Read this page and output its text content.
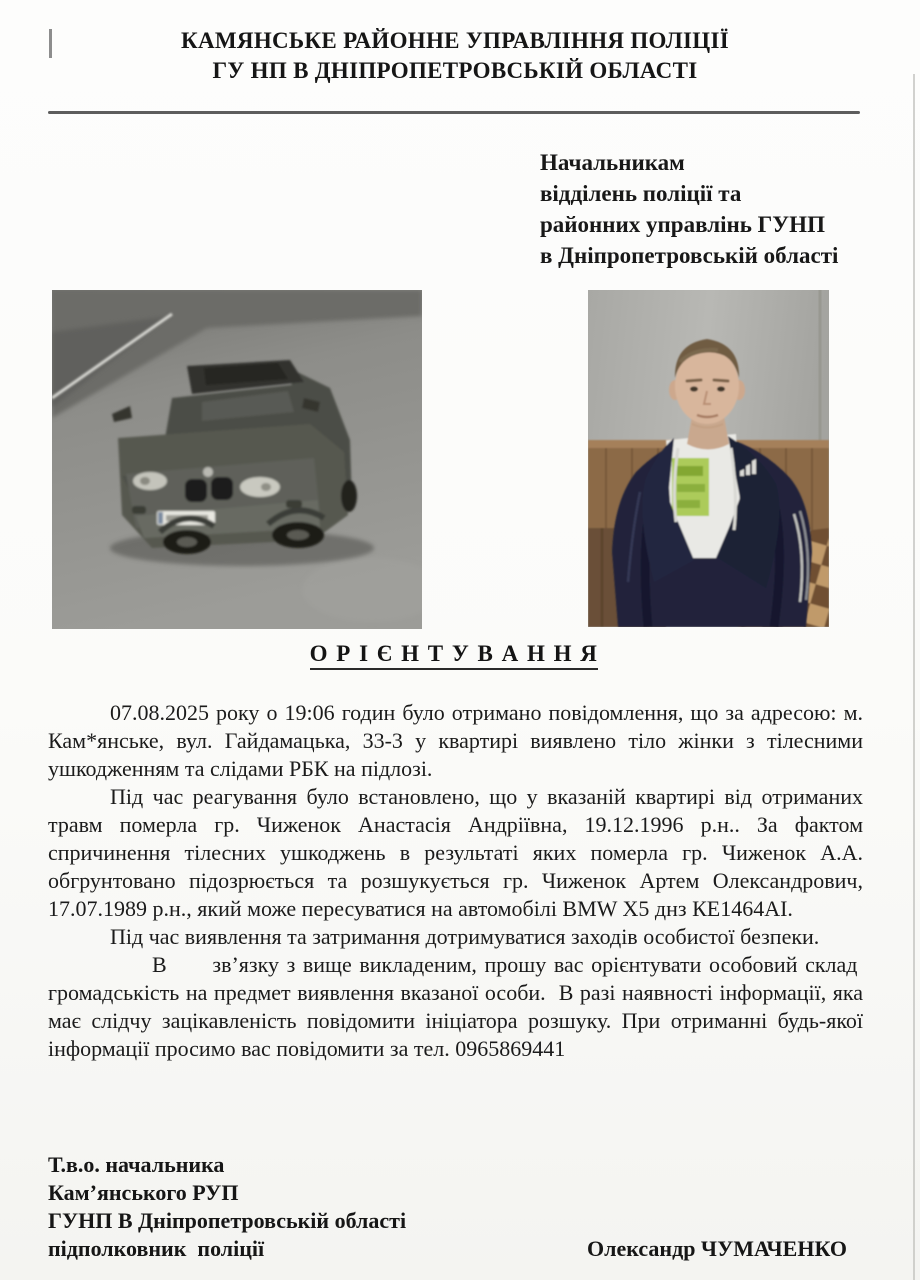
КАМЯНСЬКЕ РАЙОННЕ УПРАВЛІННЯ ПОЛІЦІЇ
ГУ НП В ДНІПРОПЕТРОВСЬКІЙ ОБЛАСТІ
Начальникам
відділень поліції та
районних управлінь ГУНП
в Дніпропетровській області
О Р І Є Н Т У В А Н Н Я

07.08.2025 року о 19:06 годин було отримано повідомлення, що за адресою: м. Кам*янське, вул. Гайдамацька, 33-3 у квартирі виявлено тіло жінки з тілесними ушкодженням та слідами РБК на підлозі.

Під час реагування було встановлено, що у вказаній квартирі від отриманих травм померла гр. Чиженок Анастасія Андріївна, 19.12.1996 р.н.. За фактом спричинення тілесних ушкоджень в результаті яких померла гр. Чиженок А.А. обгрунтовано підозрюється та розшукується гр. Чиженок Артем Олександрович, 17.07.1989 р.н., який може пересуватися на автомобілі BMW X5 днз КЕ1464АІ.

Під час виявлення та затримання дотримуватися заходів особистої безпеки.

В      зв’язку з вище викладеним, прошу вас орієнтувати особовий склад  громадськість на предмет виявлення вказаної особи.  В разі наявності інформації, яка має слідчу зацікавленість повідомити ініціатора розшуку. При отриманні будь-якої інформації просимо вас повідомити за тел. 0965869441

Т.в.о. начальника
Кам’янського РУП
ГУНП В Дніпропетровській області
підполковник  поліції	Олександр ЧУМАЧЕНКО
